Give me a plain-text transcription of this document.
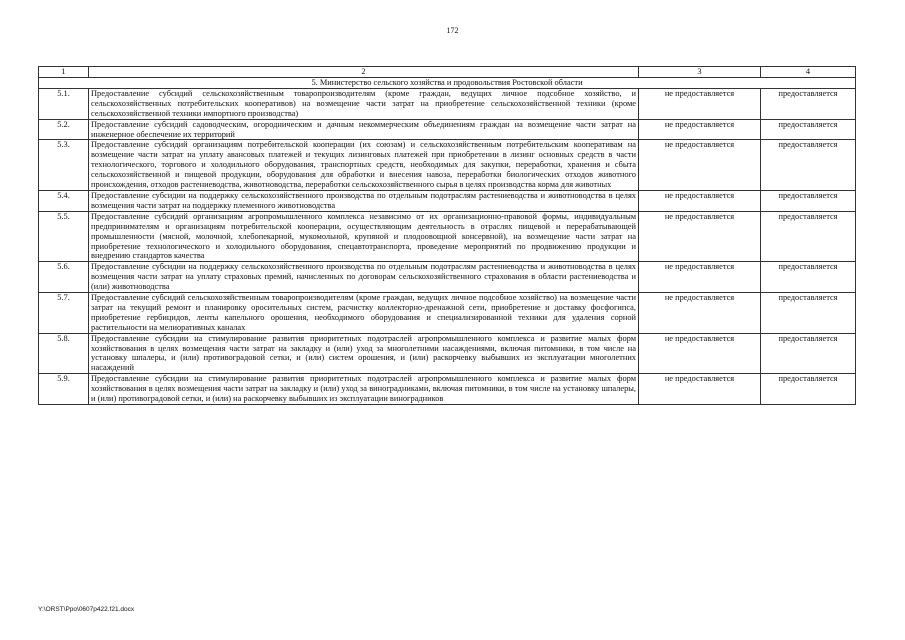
172
1	2	3	4
5. Министерство сельского хозяйства и продовольствия Ростовской области			
5.1.	Предоставление субсидий сельскохозяйственным товаропроизводителям (кроме граждан, ведущих личное подсобное хозяйство, и сельскохозяйственных потребительских кооперативов) на возмещение части затрат на приобретение сельскохозяйственной техники (кроме сельскохозяйственной техники импортного производства)	не предоставляется	предоставляется
5.2.	Предоставление субсидий садоводческим, огородническим и дачным некоммерческим объединениям граждан на возмещение части затрат на инженерное обеспечение их территорий	не предоставляется	предоставляется
5.3.	Предоставление субсидий организациям потребительской кооперации (их союзам) и сельскохозяйственным потребительским кооперативам на возмещение части затрат на уплату авансовых платежей и текущих лизинговых платежей при приобретении в лизинг основных средств в части технологического, торгового и холодильного оборудования, транспортных средств, необходимых для закупки, переработки, хранения и сбыта сельскохозяйственной и пищевой продукции, оборудования для обработки и внесения навоза, переработки биологических отходов животного происхождения, отходов растениеводства, животноводства, переработки сельскохозяйственного сырья в целях производства корма для животных	не предоставляется	предоставляется
5.4.	Предоставление субсидии на поддержку сельскохозяйственного производства по отдельным подотраслям растениеводства и животноводства в целях возмещения части затрат на поддержку племенного животноводства	не предоставляется	предоставляется
5.5.	Предоставление субсидий организациям агропромышленного комплекса независимо от их организационно-правовой формы, индивидуальным предпринимателям и организациям потребительской кооперации, осуществляющим деятельность в отраслях пищевой и перерабатывающей промышленности (мясной, молочной, хлебопекарной, мукомольной, крупяной и плодоовощной консервной), на возмещение части затрат на приобретение технологического и холодильного оборудования, спецавтотранспорта, проведение мероприятий по продвижению продукции и внедрению стандартов качества	не предоставляется	предоставляется
5.6.	Предоставление субсидии на поддержку сельскохозяйственного производства по отдельным подотраслям растениеводства и животноводства в целях возмещения части затрат на уплату страховых премий, начисленных по договорам сельскохозяйственного страхования в области растениеводства и (или) животноводства	не предоставляется	предоставляется
5.7.	Предоставление субсидий сельскохозяйственным товаропроизводителям (кроме граждан, ведущих личное подсобное хозяйство) на возмещение части затрат на текущий ремонт и планировку оросительных систем, расчистку коллекторно-дренажной сети, приобретение и доставку фосфогипса, приобретение гербицидов, ленты капельного орошения, необходимого оборудования и специализированной техники для удаления сорной растительности на мелиоративных каналах	не предоставляется	предоставляется
5.8.	Предоставление субсидии на стимулирование развития приоритетных подотраслей агропромышленного комплекса и развитие малых форм хозяйствования в целях возмещения части затрат на закладку и (или) уход за многолетними насаждениями, включая питомники, в том числе на установку шпалеры, и (или) противоградовой сетки, и (или) систем орошения, и (или) раскорчевку выбывших из эксплуатации многолетних насаждений	не предоставляется	предоставляется
5.9.	Предоставление субсидии на стимулирование развития приоритетных подотраслей агропромышленного комплекса и развитие малых форм хозяйствования в целях возмещения части затрат на закладку и (или) уход за виноградниками, включая питомники, в том числе на установку шпалеры, и (или) противоградовой сетки, и (или) на раскорчевку выбывших из эксплуатации виноградников	не предоставляется	предоставляется
Y:\ORST\Ppo\0607p422.f21.docx
